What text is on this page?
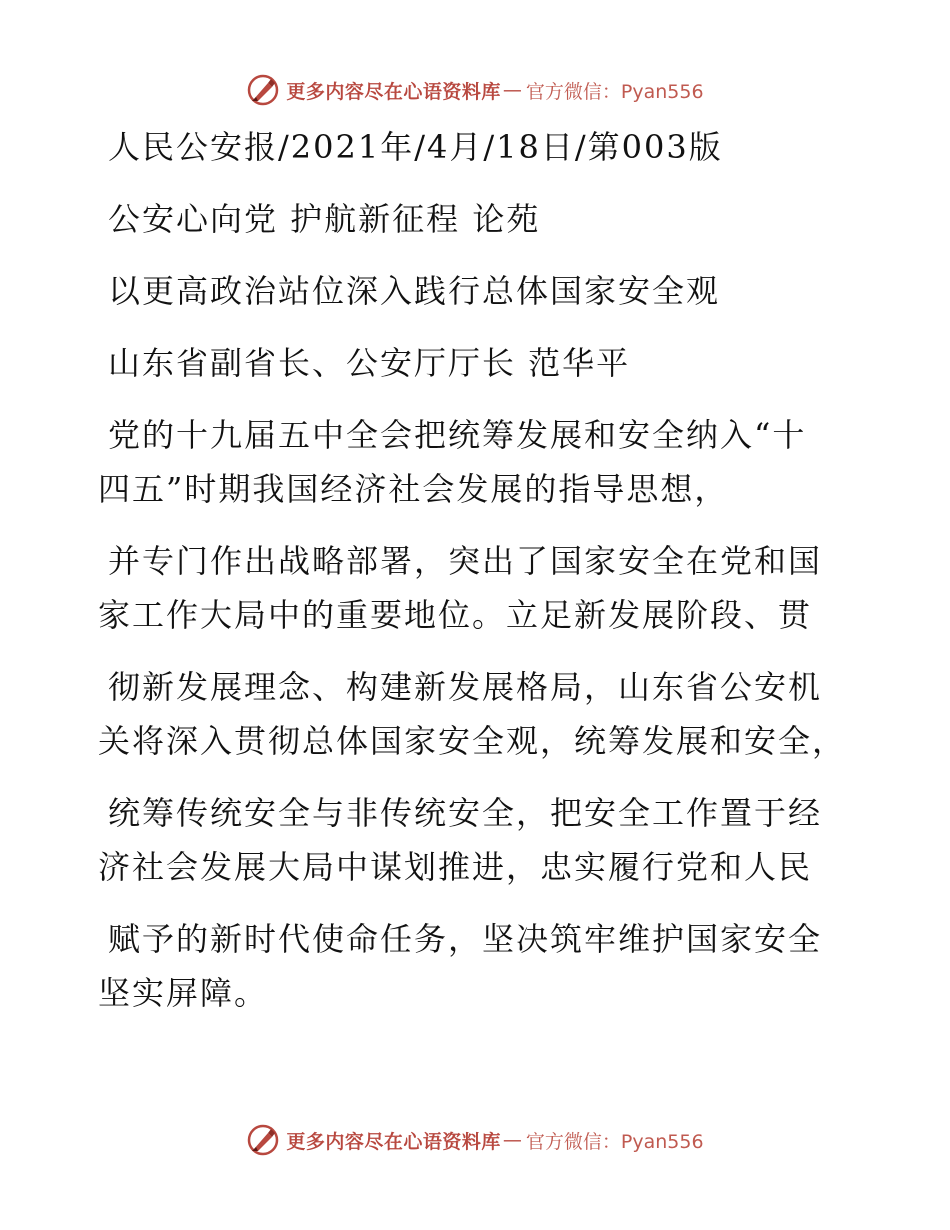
更多内容尽在心语资料库 — 官方微信：Pyan556
人民公安报/2021年/4月/18日/第003版
公安心向党 护航新征程 论苑
以更高政治站位深入践行总体国家安全观
山东省副省长、公安厅厅长 范华平
党的十九届五中全会把统筹发展和安全纳入“十
四五”时期我国经济社会发展的指导思想，
并专门作出战略部署，突出了国家安全在党和国
家工作大局中的重要地位。立足新发展阶段、贯
彻新发展理念、构建新发展格局，山东省公安机
关将深入贯彻总体国家安全观，统筹发展和安全，
统筹传统安全与非传统安全，把安全工作置于经
济社会发展大局中谋划推进，忠实履行党和人民
赋予的新时代使命任务，坚决筑牢维护国家安全
坚实屏障。
更多内容尽在心语资料库 — 官方微信：Pyan556
